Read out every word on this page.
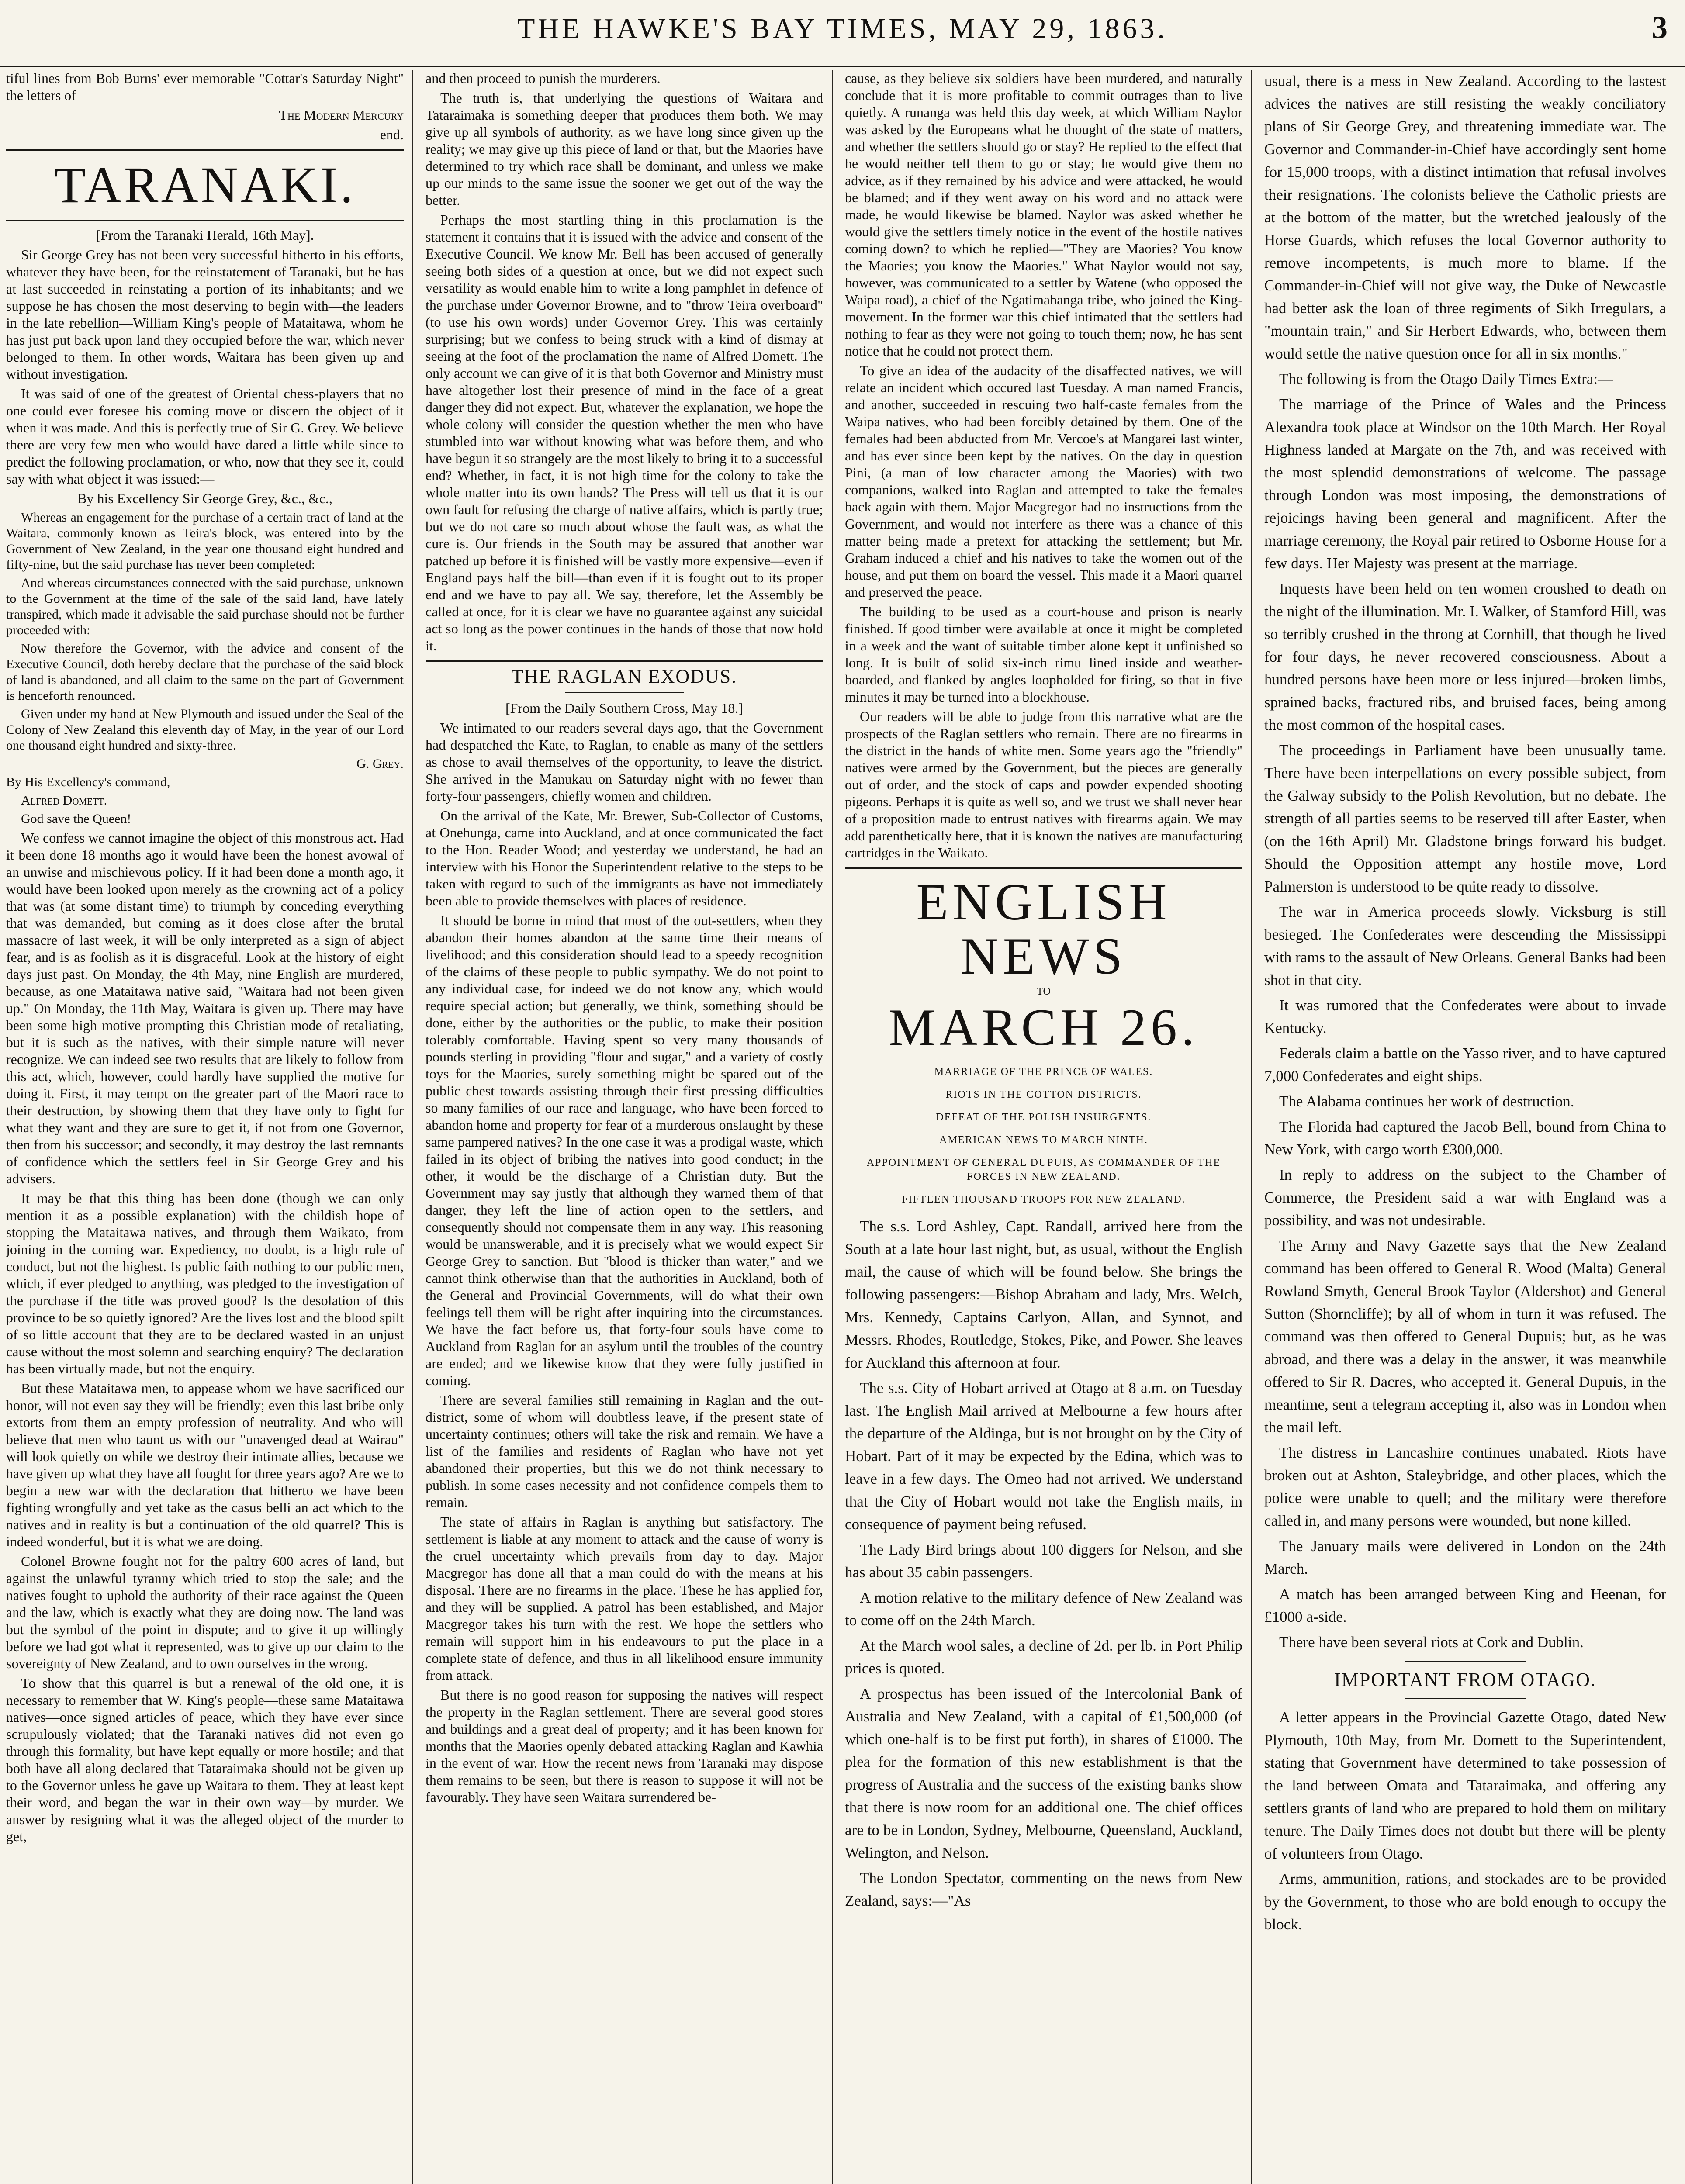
THE HAWKE'S BAY TIMES, MAY 29, 1863.	3

tiful lines from Bob Burns' ever memorable "Cottar's Saturday Night" the letters of

The Modern Mercury

end.

TARANAKI.

[From the Taranaki Herald, 16th May].

Sir George Grey has not been very successful hitherto in his efforts, whatever they have been, for the reinstatement of Taranaki, but he has at last succeeded in reinstating a portion of its inhabitants; and we suppose he has chosen the most deserving to begin with—the leaders in the late rebellion—William King's people of Mataitawa, whom he has just put back upon land they occupied before the war, which never belonged to them. In other words, Waitara has been given up and without investigation.

It was said of one of the greatest of Oriental chess-players that no one could ever foresee his coming move or discern the object of it when it was made. And this is perfectly true of Sir G. Grey. We believe there are very few men who would have dared a little while since to predict the following proclamation, or who, now that they see it, could say with what object it was issued:—

By his Excellency Sir George Grey, &c., &c.,

Whereas an engagement for the purchase of a certain tract of land at the Waitara, commonly known as Teira's block, was entered into by the Government of New Zealand, in the year one thousand eight hundred and fifty-nine, but the said purchase has never been completed:

And whereas circumstances connected with the said purchase, unknown to the Government at the time of the sale of the said land, have lately transpired, which made it advisable the said purchase should not be further proceeded with:

Now therefore the Governor, with the advice and consent of the Executive Council, doth hereby declare that the purchase of the said block of land is abandoned, and all claim to the same on the part of Government is henceforth renounced.

Given under my hand at New Plymouth and issued under the Seal of the Colony of New Zealand this eleventh day of May, in the year of our Lord one thousand eight hundred and sixty-three.

G. Grey.

By His Excellency's command,

Alfred Domett.

God save the Queen!

We confess we cannot imagine the object of this monstrous act. Had it been done 18 months ago it would have been the honest avowal of an unwise and mischievous policy. If it had been done a month ago, it would have been looked upon merely as the crowning act of a policy that was (at some distant time) to triumph by conceding everything that was demanded, but coming as it does close after the brutal massacre of last week, it will be only interpreted as a sign of abject fear, and is as foolish as it is disgraceful. Look at the history of eight days just past. On Monday, the 4th May, nine English are murdered, because, as one Mataitawa native said, "Waitara had not been given up." On Monday, the 11th May, Waitara is given up. There may have been some high motive prompting this Christian mode of retaliating, but it is such as the natives, with their simple nature will never recognize. We can indeed see two results that are likely to follow from this act, which, however, could hardly have supplied the motive for doing it. First, it may tempt on the greater part of the Maori race to their destruction, by showing them that they have only to fight for what they want and they are sure to get it, if not from one Governor, then from his successor; and secondly, it may destroy the last remnants of confidence which the settlers feel in Sir George Grey and his advisers.

It may be that this thing has been done (though we can only mention it as a possible explanation) with the childish hope of stopping the Mataitawa natives, and through them Waikato, from joining in the coming war. Expediency, no doubt, is a high rule of conduct, but not the highest. Is public faith nothing to our public men, which, if ever pledged to anything, was pledged to the investigation of the purchase if the title was proved good? Is the desolation of this province to be so quietly ignored? Are the lives lost and the blood spilt of so little account that they are to be declared wasted in an unjust cause without the most solemn and searching enquiry? The declaration has been virtually made, but not the enquiry.

But these Mataitawa men, to appease whom we have sacrificed our honor, will not even say they will be friendly; even this last bribe only extorts from them an empty profession of neutrality. And who will believe that men who taunt us with our "unavenged dead at Wairau" will look quietly on while we destroy their intimate allies, because we have given up what they have all fought for three years ago? Are we to begin a new war with the declaration that hitherto we have been fighting wrongfully and yet take as the casus belli an act which to the natives and in reality is but a continuation of the old quarrel? This is indeed wonderful, but it is what we are doing.

Colonel Browne fought not for the paltry 600 acres of land, but against the unlawful tyranny which tried to stop the sale; and the natives fought to uphold the authority of their race against the Queen and the law, which is exactly what they are doing now. The land was but the symbol of the point in dispute; and to give it up willingly before we had got what it represented, was to give up our claim to the sovereignty of New Zealand, and to own ourselves in the wrong.

To show that this quarrel is but a renewal of the old one, it is necessary to remember that W. King's people—these same Mataitawa natives—once signed articles of peace, which they have ever since scrupulously violated; that the Taranaki natives did not even go through this formality, but have kept equally or more hostile; and that both have all along declared that Tataraimaka should not be given up to the Governor unless he gave up Waitara to them. They at least kept their word, and began the war in their own way—by murder. We answer by resigning what it was the alleged object of the murder to get,

and then proceed to punish the murderers.

The truth is, that underlying the questions of Waitara and Tataraimaka is something deeper that produces them both. We may give up all symbols of authority, as we have long since given up the reality; we may give up this piece of land or that, but the Maories have determined to try which race shall be dominant, and unless we make up our minds to the same issue the sooner we get out of the way the better.

Perhaps the most startling thing in this proclamation is the statement it contains that it is issued with the advice and consent of the Executive Council. We know Mr. Bell has been accused of generally seeing both sides of a question at once, but we did not expect such versatility as would enable him to write a long pamphlet in defence of the purchase under Governor Browne, and to "throw Teira overboard" (to use his own words) under Governor Grey. This was certainly surprising; but we confess to being struck with a kind of dismay at seeing at the foot of the proclamation the name of Alfred Domett. The only account we can give of it is that both Governor and Ministry must have altogether lost their presence of mind in the face of a great danger they did not expect. But, whatever the explanation, we hope the whole colony will consider the question whether the men who have stumbled into war without knowing what was before them, and who have begun it so strangely are the most likely to bring it to a successful end? Whether, in fact, it is not high time for the colony to take the whole matter into its own hands? The Press will tell us that it is our own fault for refusing the charge of native affairs, which is partly true; but we do not care so much about whose the fault was, as what the cure is. Our friends in the South may be assured that another war patched up before it is finished will be vastly more expensive—even if England pays half the bill—than even if it is fought out to its proper end and we have to pay all. We say, therefore, let the Assembly be called at once, for it is clear we have no guarantee against any suicidal act so long as the power continues in the hands of those that now hold it.

THE RAGLAN EXODUS.

[From the Daily Southern Cross, May 18.]

We intimated to our readers several days ago, that the Government had despatched the Kate, to Raglan, to enable as many of the settlers as chose to avail themselves of the opportunity, to leave the district. She arrived in the Manukau on Saturday night with no fewer than forty-four passengers, chiefly women and children.

On the arrival of the Kate, Mr. Brewer, Sub-Collector of Customs, at Onehunga, came into Auckland, and at once communicated the fact to the Hon. Reader Wood; and yesterday we understand, he had an interview with his Honor the Superintendent relative to the steps to be taken with regard to such of the immigrants as have not immediately been able to provide themselves with places of residence.

It should be borne in mind that most of the out-settlers, when they abandon their homes abandon at the same time their means of livelihood; and this consideration should lead to a speedy recognition of the claims of these people to public sympathy. We do not point to any individual case, for indeed we do not know any, which would require special action; but generally, we think, something should be done, either by the authorities or the public, to make their position tolerably comfortable. Having spent so very many thousands of pounds sterling in providing "flour and sugar," and a variety of costly toys for the Maories, surely something might be spared out of the public chest towards assisting through their first pressing difficulties so many families of our race and language, who have been forced to abandon home and property for fear of a murderous onslaught by these same pampered natives? In the one case it was a prodigal waste, which failed in its object of bribing the natives into good conduct; in the other, it would be the discharge of a Christian duty. But the Government may say justly that although they warned them of that danger, they left the line of action open to the settlers, and consequently should not compensate them in any way. This reasoning would be unanswerable, and it is precisely what we would expect Sir George Grey to sanction. But "blood is thicker than water," and we cannot think otherwise than that the authorities in Auckland, both of the General and Provincial Governments, will do what their own feelings tell them will be right after inquiring into the circumstances. We have the fact before us, that forty-four souls have come to Auckland from Raglan for an asylum until the troubles of the country are ended; and we likewise know that they were fully justified in coming.

There are several families still remaining in Raglan and the out-district, some of whom will doubtless leave, if the present state of uncertainty continues; others will take the risk and remain. We have a list of the families and residents of Raglan who have not yet abandoned their properties, but this we do not think necessary to publish. In some cases necessity and not confidence compels them to remain.

The state of affairs in Raglan is anything but satisfactory. The settlement is liable at any moment to attack and the cause of worry is the cruel uncertainty which prevails from day to day. Major Macgregor has done all that a man could do with the means at his disposal. There are no firearms in the place. These he has applied for, and they will be supplied. A patrol has been established, and Major Macgregor takes his turn with the rest. We hope the settlers who remain will support him in his endeavours to put the place in a complete state of defence, and thus in all likelihood ensure immunity from attack.

But there is no good reason for supposing the natives will respect the property in the Raglan settlement. There are several good stores and buildings and a great deal of property; and it has been known for months that the Maories openly debated attacking Raglan and Kawhia in the event of war. How the recent news from Taranaki may dispose them remains to be seen, but there is reason to suppose it will not be favourably. They have seen Waitara surrendered be-

cause, as they believe six soldiers have been murdered, and naturally conclude that it is more profitable to commit outrages than to live quietly. A runanga was held this day week, at which William Naylor was asked by the Europeans what he thought of the state of matters, and whether the settlers should go or stay? He replied to the effect that he would neither tell them to go or stay; he would give them no advice, as if they remained by his advice and were attacked, he would be blamed; and if they went away on his word and no attack were made, he would likewise be blamed. Naylor was asked whether he would give the settlers timely notice in the event of the hostile natives coming down? to which he replied—"They are Maories? You know the Maories; you know the Maories." What Naylor would not say, however, was communicated to a settler by Watene (who opposed the Waipa road), a chief of the Ngatimahanga tribe, who joined the King-movement. In the former war this chief intimated that the settlers had nothing to fear as they were not going to touch them; now, he has sent notice that he could not protect them.

To give an idea of the audacity of the disaffected natives, we will relate an incident which occured last Tuesday. A man named Francis, and another, succeeded in rescuing two half-caste females from the Waipa natives, who had been forcibly detained by them. One of the females had been abducted from Mr. Vercoe's at Mangarei last winter, and has ever since been kept by the natives. On the day in question Pini, (a man of low character among the Maories) with two companions, walked into Raglan and attempted to take the females back again with them. Major Macgregor had no instructions from the Government, and would not interfere as there was a chance of this matter being made a pretext for attacking the settlement; but Mr. Graham induced a chief and his natives to take the women out of the house, and put them on board the vessel. This made it a Maori quarrel and preserved the peace.

The building to be used as a court-house and prison is nearly finished. If good timber were available at once it might be completed in a week and the want of suitable timber alone kept it unfinished so long. It is built of solid six-inch rimu lined inside and weather-boarded, and flanked by angles loopholded for firing, so that in five minutes it may be turned into a blockhouse.

Our readers will be able to judge from this narrative what are the prospects of the Raglan settlers who remain. There are no firearms in the district in the hands of white men. Some years ago the "friendly" natives were armed by the Government, but the pieces are generally out of order, and the stock of caps and powder expended shooting pigeons. Perhaps it is quite as well so, and we trust we shall never hear of a proposition made to entrust natives with firearms again. We may add parenthetically here, that it is known the natives are manufacturing cartridges in the Waikato.

ENGLISH NEWS
TO
MARCH 26.
MARRIAGE OF THE PRINCE OF WALES.
RIOTS IN THE COTTON DISTRICTS.
DEFEAT OF THE POLISH INSURGENTS.
AMERICAN NEWS TO MARCH NINTH.
APPOINTMENT OF GENERAL DUPUIS, AS COMMANDER OF THE FORCES IN NEW ZEALAND.
FIFTEEN THOUSAND TROOPS FOR NEW ZEALAND.

The s.s. Lord Ashley, Capt. Randall, arrived here from the South at a late hour last night, but, as usual, without the English mail, the cause of which will be found below. She brings the following passengers:—Bishop Abraham and lady, Mrs. Welch, Mrs. Kennedy, Captains Carlyon, Allan, and Synnot, and Messrs. Rhodes, Routledge, Stokes, Pike, and Power. She leaves for Auckland this afternoon at four.

The s.s. City of Hobart arrived at Otago at 8 a.m. on Tuesday last. The English Mail arrived at Melbourne a few hours after the departure of the Aldinga, but is not brought on by the City of Hobart. Part of it may be expected by the Edina, which was to leave in a few days. The Omeo had not arrived. We understand that the City of Hobart would not take the English mails, in consequence of payment being refused.

The Lady Bird brings about 100 diggers for Nelson, and she has about 35 cabin passengers.

A motion relative to the military defence of New Zealand was to come off on the 24th March.

At the March wool sales, a decline of 2d. per lb. in Port Philip prices is quoted.

A prospectus has been issued of the Intercolonial Bank of Australia and New Zealand, with a capital of £1,500,000 (of which one-half is to be first put forth), in shares of £1000. The plea for the formation of this new establishment is that the progress of Australia and the success of the existing banks show that there is now room for an additional one. The chief offices are to be in London, Sydney, Melbourne, Queensland, Auckland, Welington, and Nelson.

The London Spectator, commenting on the news from New Zealand, says:—"As

usual, there is a mess in New Zealand. According to the lastest advices the natives are still resisting the weakly conciliatory plans of Sir George Grey, and threatening immediate war. The Governor and Commander-in-Chief have accordingly sent home for 15,000 troops, with a distinct intimation that refusal involves their resignations. The colonists believe the Catholic priests are at the bottom of the matter, but the wretched jealously of the Horse Guards, which refuses the local Governor authority to remove incompetents, is much more to blame. If the Commander-in-Chief will not give way, the Duke of Newcastle had better ask the loan of three regiments of Sikh Irregulars, a "mountain train," and Sir Herbert Edwards, who, between them would settle the native question once for all in six months."

The following is from the Otago Daily Times Extra:—

The marriage of the Prince of Wales and the Princess Alexandra took place at Windsor on the 10th March. Her Royal Highness landed at Margate on the 7th, and was received with the most splendid demonstrations of welcome. The passage through London was most imposing, the demonstrations of rejoicings having been general and magnificent. After the marriage ceremony, the Royal pair retired to Osborne House for a few days. Her Majesty was present at the marriage.

Inquests have been held on ten women croushed to death on the night of the illumination. Mr. I. Walker, of Stamford Hill, was so terribly crushed in the throng at Cornhill, that though he lived for four days, he never recovered consciousness. About a hundred persons have been more or less injured—broken limbs, sprained backs, fractured ribs, and bruised faces, being among the most common of the hospital cases.

The proceedings in Parliament have been unusually tame. There have been interpellations on every possible subject, from the Galway subsidy to the Polish Revolution, but no debate. The strength of all parties seems to be reserved till after Easter, when (on the 16th April) Mr. Gladstone brings forward his budget. Should the Opposition attempt any hostile move, Lord Palmerston is understood to be quite ready to dissolve.

The war in America proceeds slowly. Vicksburg is still besieged. The Confederates were descending the Mississippi with rams to the assault of New Orleans. General Banks had been shot in that city.

It was rumored that the Confederates were about to invade Kentucky.

Federals claim a battle on the Yasso river, and to have captured 7,000 Confederates and eight ships.

The Alabama continues her work of destruction.

The Florida had captured the Jacob Bell, bound from China to New York, with cargo worth £300,000.

In reply to address on the subject to the Chamber of Commerce, the President said a war with England was a possibility, and was not undesirable.

The Army and Navy Gazette says that the New Zealand command has been offered to General R. Wood (Malta) General Rowland Smyth, General Brook Taylor (Aldershot) and General Sutton (Shorncliffe); by all of whom in turn it was refused. The command was then offered to General Dupuis; but, as he was abroad, and there was a delay in the answer, it was meanwhile offered to Sir R. Dacres, who accepted it. General Dupuis, in the meantime, sent a telegram accepting it, also was in London when the mail left.

The distress in Lancashire continues unabated. Riots have broken out at Ashton, Staleybridge, and other places, which the police were unable to quell; and the military were therefore called in, and many persons were wounded, but none killed.

The January mails were delivered in London on the 24th March.

A match has been arranged between King and Heenan, for £1000 a-side.

There have been several riots at Cork and Dublin.

IMPORTANT FROM OTAGO.

A letter appears in the Provincial Gazette Otago, dated New Plymouth, 10th May, from Mr. Domett to the Superintendent, stating that Government have determined to take possession of the land between Omata and Tataraimaka, and offering any settlers grants of land who are prepared to hold them on military tenure. The Daily Times does not doubt but there will be plenty of volunteers from Otago.

Arms, ammunition, rations, and stockades are to be provided by the Government, to those who are bold enough to occupy the block.
